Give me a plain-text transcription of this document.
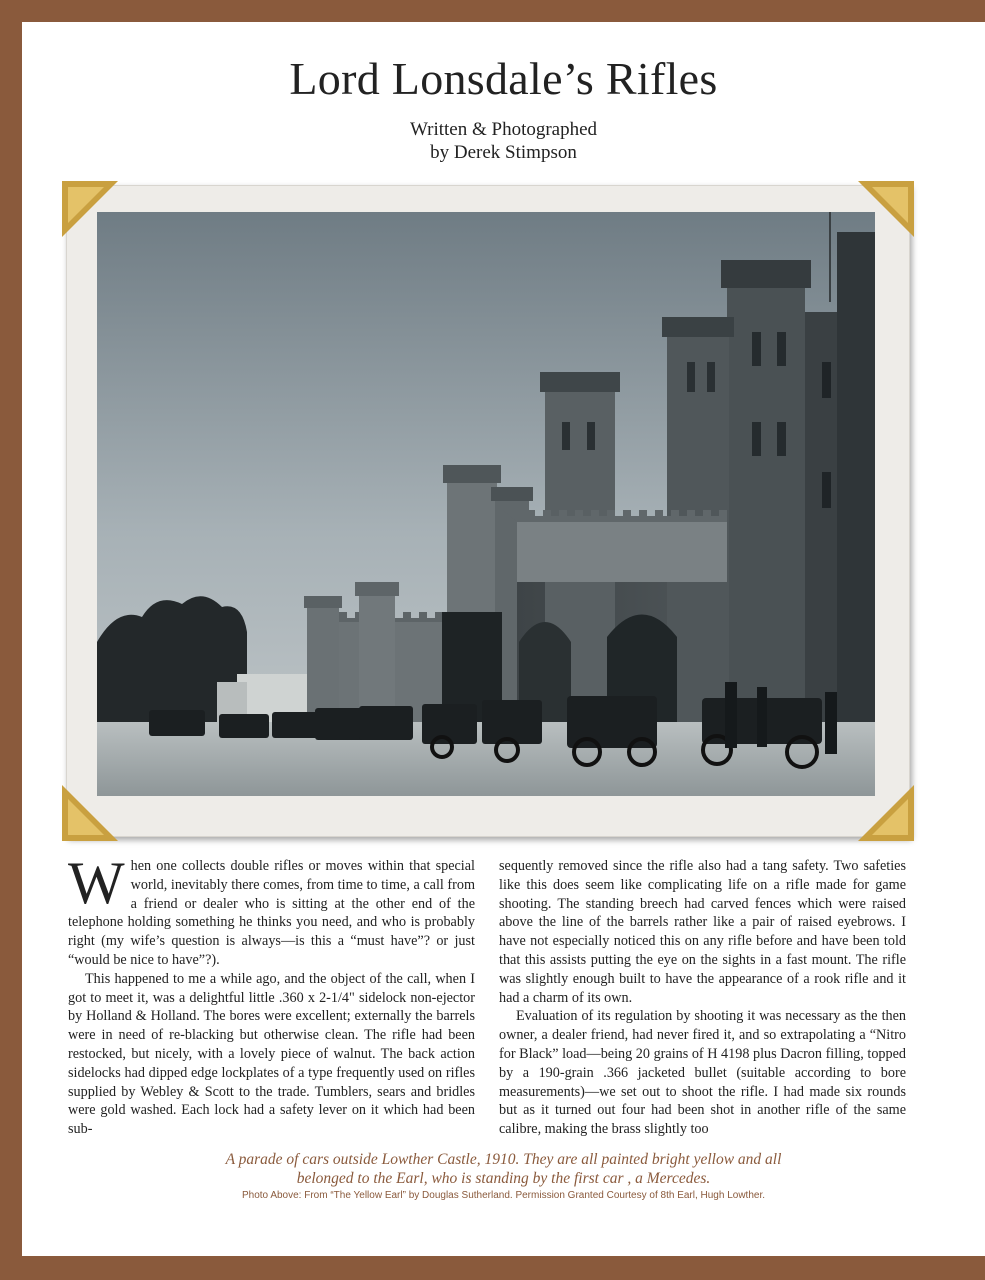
Lord Lonsdale’s Rifles
Written & Photographed
by Derek Stimpson

When one collects double rifles or moves within that special world, inevitably there comes, from time to time, a call from a friend or dealer who is sitting at the other end of the telephone holding something he thinks you need, and who is probably right (my wife’s question is always—is this a “must have”? or just “would be nice to have”?).

This happened to me a while ago, and the object of the call, when I got to meet it, was a delightful little .360 x 2-1/4" sidelock non-ejector by Holland & Holland. The bores were excellent; externally the barrels were in need of re-blacking but otherwise clean. The rifle had been restocked, but nicely, with a lovely piece of walnut. The back action sidelocks had dipped edge lockplates of a type frequently used on rifles supplied by Webley & Scott to the trade. Tumblers, sears and bridles were gold washed. Each lock had a safety lever on it which had been sub-

sequently removed since the rifle also had a tang safety. Two safeties like this does seem like complicating life on a rifle made for game shooting. The standing breech had carved fences which were raised above the line of the barrels rather like a pair of raised eyebrows. I have not especially noticed this on any rifle before and have been told that this assists putting the eye on the sights in a fast mount. The rifle was slightly enough built to have the appearance of a rook rifle and it had a charm of its own.

Evaluation of its regulation by shooting it was necessary as the then owner, a dealer friend, had never fired it, and so extrapolating a “Nitro for Black” load—being 20 grains of H 4198 plus Dacron filling, topped by a 190-grain .366 jacketed bullet (suitable according to bore measurements)—we set out to shoot the rifle. I had made six rounds but as it turned out four had been shot in another rifle of the same calibre, making the brass slightly too

A parade of cars outside Lowther Castle, 1910. They are all painted bright yellow and all
belonged to the Earl, who is standing by the first car , a Mercedes.
Photo Above: From “The Yellow Earl” by Douglas Sutherland. Permission Granted Courtesy of 8th Earl, Hugh Lowther.
